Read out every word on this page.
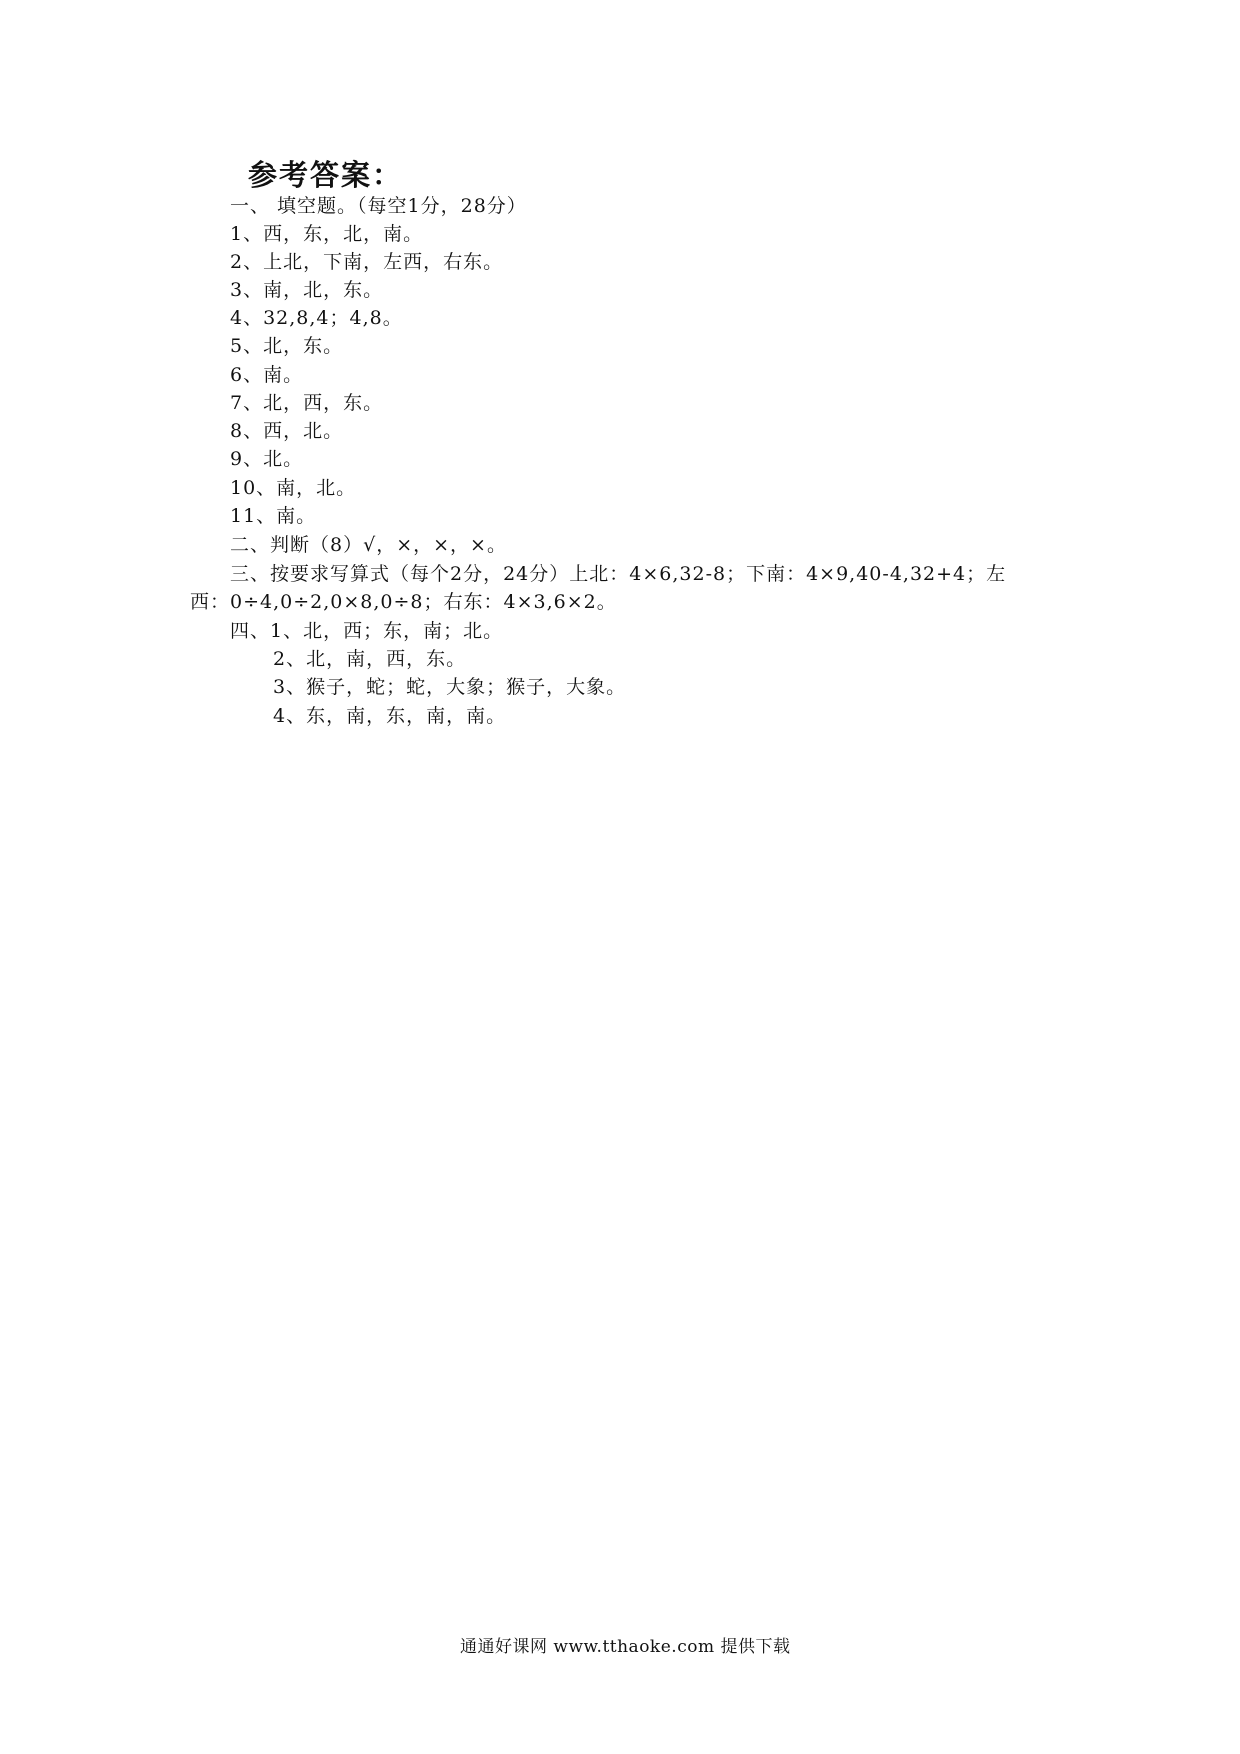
参考答案：
一、 填空题。（每空1分，28分）
1、西，东，北，南。
2、上北，下南，左西，右东。
3、南，北，东。
4、32,8,4；4,8。
5、北，东。
6、南。
7、北，西，东。
8、西，北。
9、北。
10、南，北。
11、南。
二、判断（8）√，×，×，×。
三、按要求写算式（每个2分，24分）上北：4×6,32-8；下南：4×9,40-4,32+4；左
西：0÷4,0÷2,0×8,0÷8；右东：4×3,6×2。
四、1、北，西；东，南；北。
2、北，南，西，东。
3、猴子，蛇；蛇，大象；猴子，大象。
4、东，南，东，南，南。
通通好课网 www.tthaoke.com 提供下载
